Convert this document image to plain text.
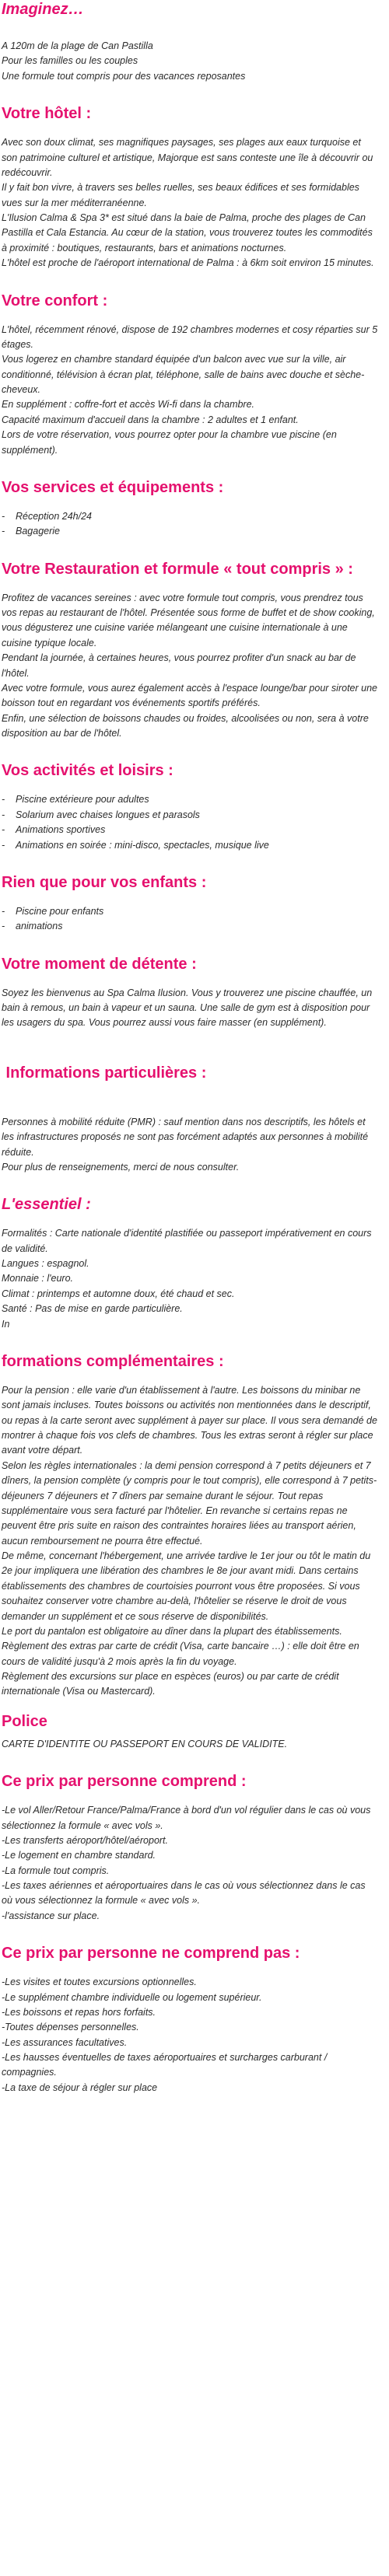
Imaginez…

A 120m de la plage de Can Pastilla

Pour les familles ou les couples

Une formule tout compris pour des vacances reposantes

Votre hôtel :

Avec son doux climat, ses magnifiques paysages, ses plages aux eaux turquoise et son patrimoine culturel et artistique, Majorque est sans conteste une île à découvrir ou redécouvrir.

Il y fait bon vivre, à travers ses belles ruelles, ses beaux édifices et ses formidables vues sur la mer méditerranéenne.

L'Ilusion Calma & Spa 3* est situé dans la baie de Palma, proche des plages de Can Pastilla et Cala Estancia. Au cœur de la station, vous trouverez toutes les commodités à proximité : boutiques, restaurants, bars et animations nocturnes.

L'hôtel est proche de l'aéroport international de Palma : à 6km soit environ 15 minutes.

Votre confort :

L'hôtel, récemment rénové, dispose de 192 chambres modernes et cosy réparties sur 5 étages.

Vous logerez en chambre standard équipée d'un balcon avec vue sur la ville, air conditionné, télévision à écran plat, téléphone, salle de bains avec douche et sèche-cheveux.

En supplément : coffre-fort et accès Wi-fi dans la chambre.

Capacité maximum d'accueil dans la chambre : 2 adultes et 1 enfant.

Lors de votre réservation, vous pourrez opter pour la chambre vue piscine (en supplément).

Vos services et équipements :
- Réception 24h/24
- Bagagerie
Votre Restauration et formule « tout compris » :

Profitez de vacances sereines : avec votre formule tout compris, vous prendrez tous vos repas au restaurant de l'hôtel. Présentée sous forme de buffet et de show cooking, vous dégusterez une cuisine variée mélangeant une cuisine internationale à une cuisine typique locale.

Pendant la journée, à certaines heures, vous pourrez profiter d'un snack au bar de l'hôtel.

Avec votre formule, vous aurez également accès à l'espace lounge/bar pour siroter une boisson tout en regardant vos événements sportifs préférés.

Enfin, une sélection de boissons chaudes ou froides, alcoolisées ou non, sera à votre disposition au bar de l'hôtel.

Vos activités et loisirs :
- Piscine extérieure pour adultes
- Solarium avec chaises longues et parasols
- Animations sportives
- Animations en soirée : mini-disco, spectacles, musique live
Rien que pour vos enfants :
- Piscine pour enfants
- animations
Votre moment de détente :

Soyez les bienvenus au Spa Calma Ilusion. Vous y trouverez une piscine chauffée, un bain à remous, un bain à vapeur et un sauna. Une salle de gym est à disposition pour les usagers du spa. Vous pourrez aussi vous faire masser (en supplément).

Informations particulières :

Personnes à mobilité réduite (PMR) : sauf mention dans nos descriptifs, les hôtels et les infrastructures proposés ne sont pas forcément adaptés aux personnes à mobilité réduite.

Pour plus de renseignements, merci de nous consulter.

L'essentiel :

Formalités : Carte nationale d'identité plastifiée ou passeport impérativement en cours de validité.

Langues : espagnol.

Monnaie : l'euro.

Climat : printemps et automne doux, été chaud et sec.

Santé : Pas de mise en garde particulière.

In

formations complémentaires :

Pour la pension : elle varie d'un établissement à l'autre. Les boissons du minibar ne sont jamais incluses. Toutes boissons ou activités non mentionnées dans le descriptif, ou repas à la carte seront avec supplément à payer sur place. Il vous sera demandé de montrer à chaque fois vos clefs de chambres. Tous les extras seront à régler sur place avant votre départ.

Selon les règles internationales : la demi pension correspond à 7 petits déjeuners et 7 dîners, la pension complète (y compris pour le tout compris), elle correspond à 7 petits-déjeuners 7 déjeuners et 7 dîners par semaine durant le séjour. Tout repas supplémentaire vous sera facturé par l'hôtelier. En revanche si certains repas ne peuvent être pris suite en raison des contraintes horaires liées au transport aérien, aucun remboursement ne pourra être effectué.

De même, concernant l'hébergement, une arrivée tardive le 1er jour ou tôt le matin du 2e jour impliquera une libération des chambres le 8e jour avant midi. Dans certains établissements des chambres de courtoisies pourront vous être proposées. Si vous souhaitez conserver votre chambre au-delà, l'hôtelier se réserve le droit de vous demander un supplément et ce sous réserve de disponibilités.

Le port du pantalon est obligatoire au dîner dans la plupart des établissements.

Règlement des extras par carte de crédit (Visa, carte bancaire …) : elle doit être en cours de validité jusqu'à 2 mois après la fin du voyage.

Règlement des excursions sur place en espèces (euros) ou par carte de crédit internationale (Visa ou Mastercard).

Police

CARTE D'IDENTITE OU PASSEPORT EN COURS DE VALIDITE.

Ce prix par personne comprend :

-Le vol Aller/Retour France/Palma/France à bord d'un vol régulier dans le cas où vous sélectionnez la formule « avec vols ».

-Les transferts aéroport/hôtel/aéroport.

-Le logement en chambre standard.

-La formule tout compris.

-Les taxes aériennes et aéroportuaires dans le cas où vous sélectionnez dans le cas où vous sélectionnez la formule « avec vols ».

-l'assistance sur place.

Ce prix par personne ne comprend pas :

-Les visites et toutes excursions optionnelles.

-Le supplément chambre individuelle ou logement supérieur.

-Les boissons et repas hors forfaits.

-Toutes dépenses personnelles.

-Les assurances facultatives.

-Les hausses éventuelles de taxes aéroportuaires et surcharges carburant / compagnies.

-La taxe de séjour à régler sur place
